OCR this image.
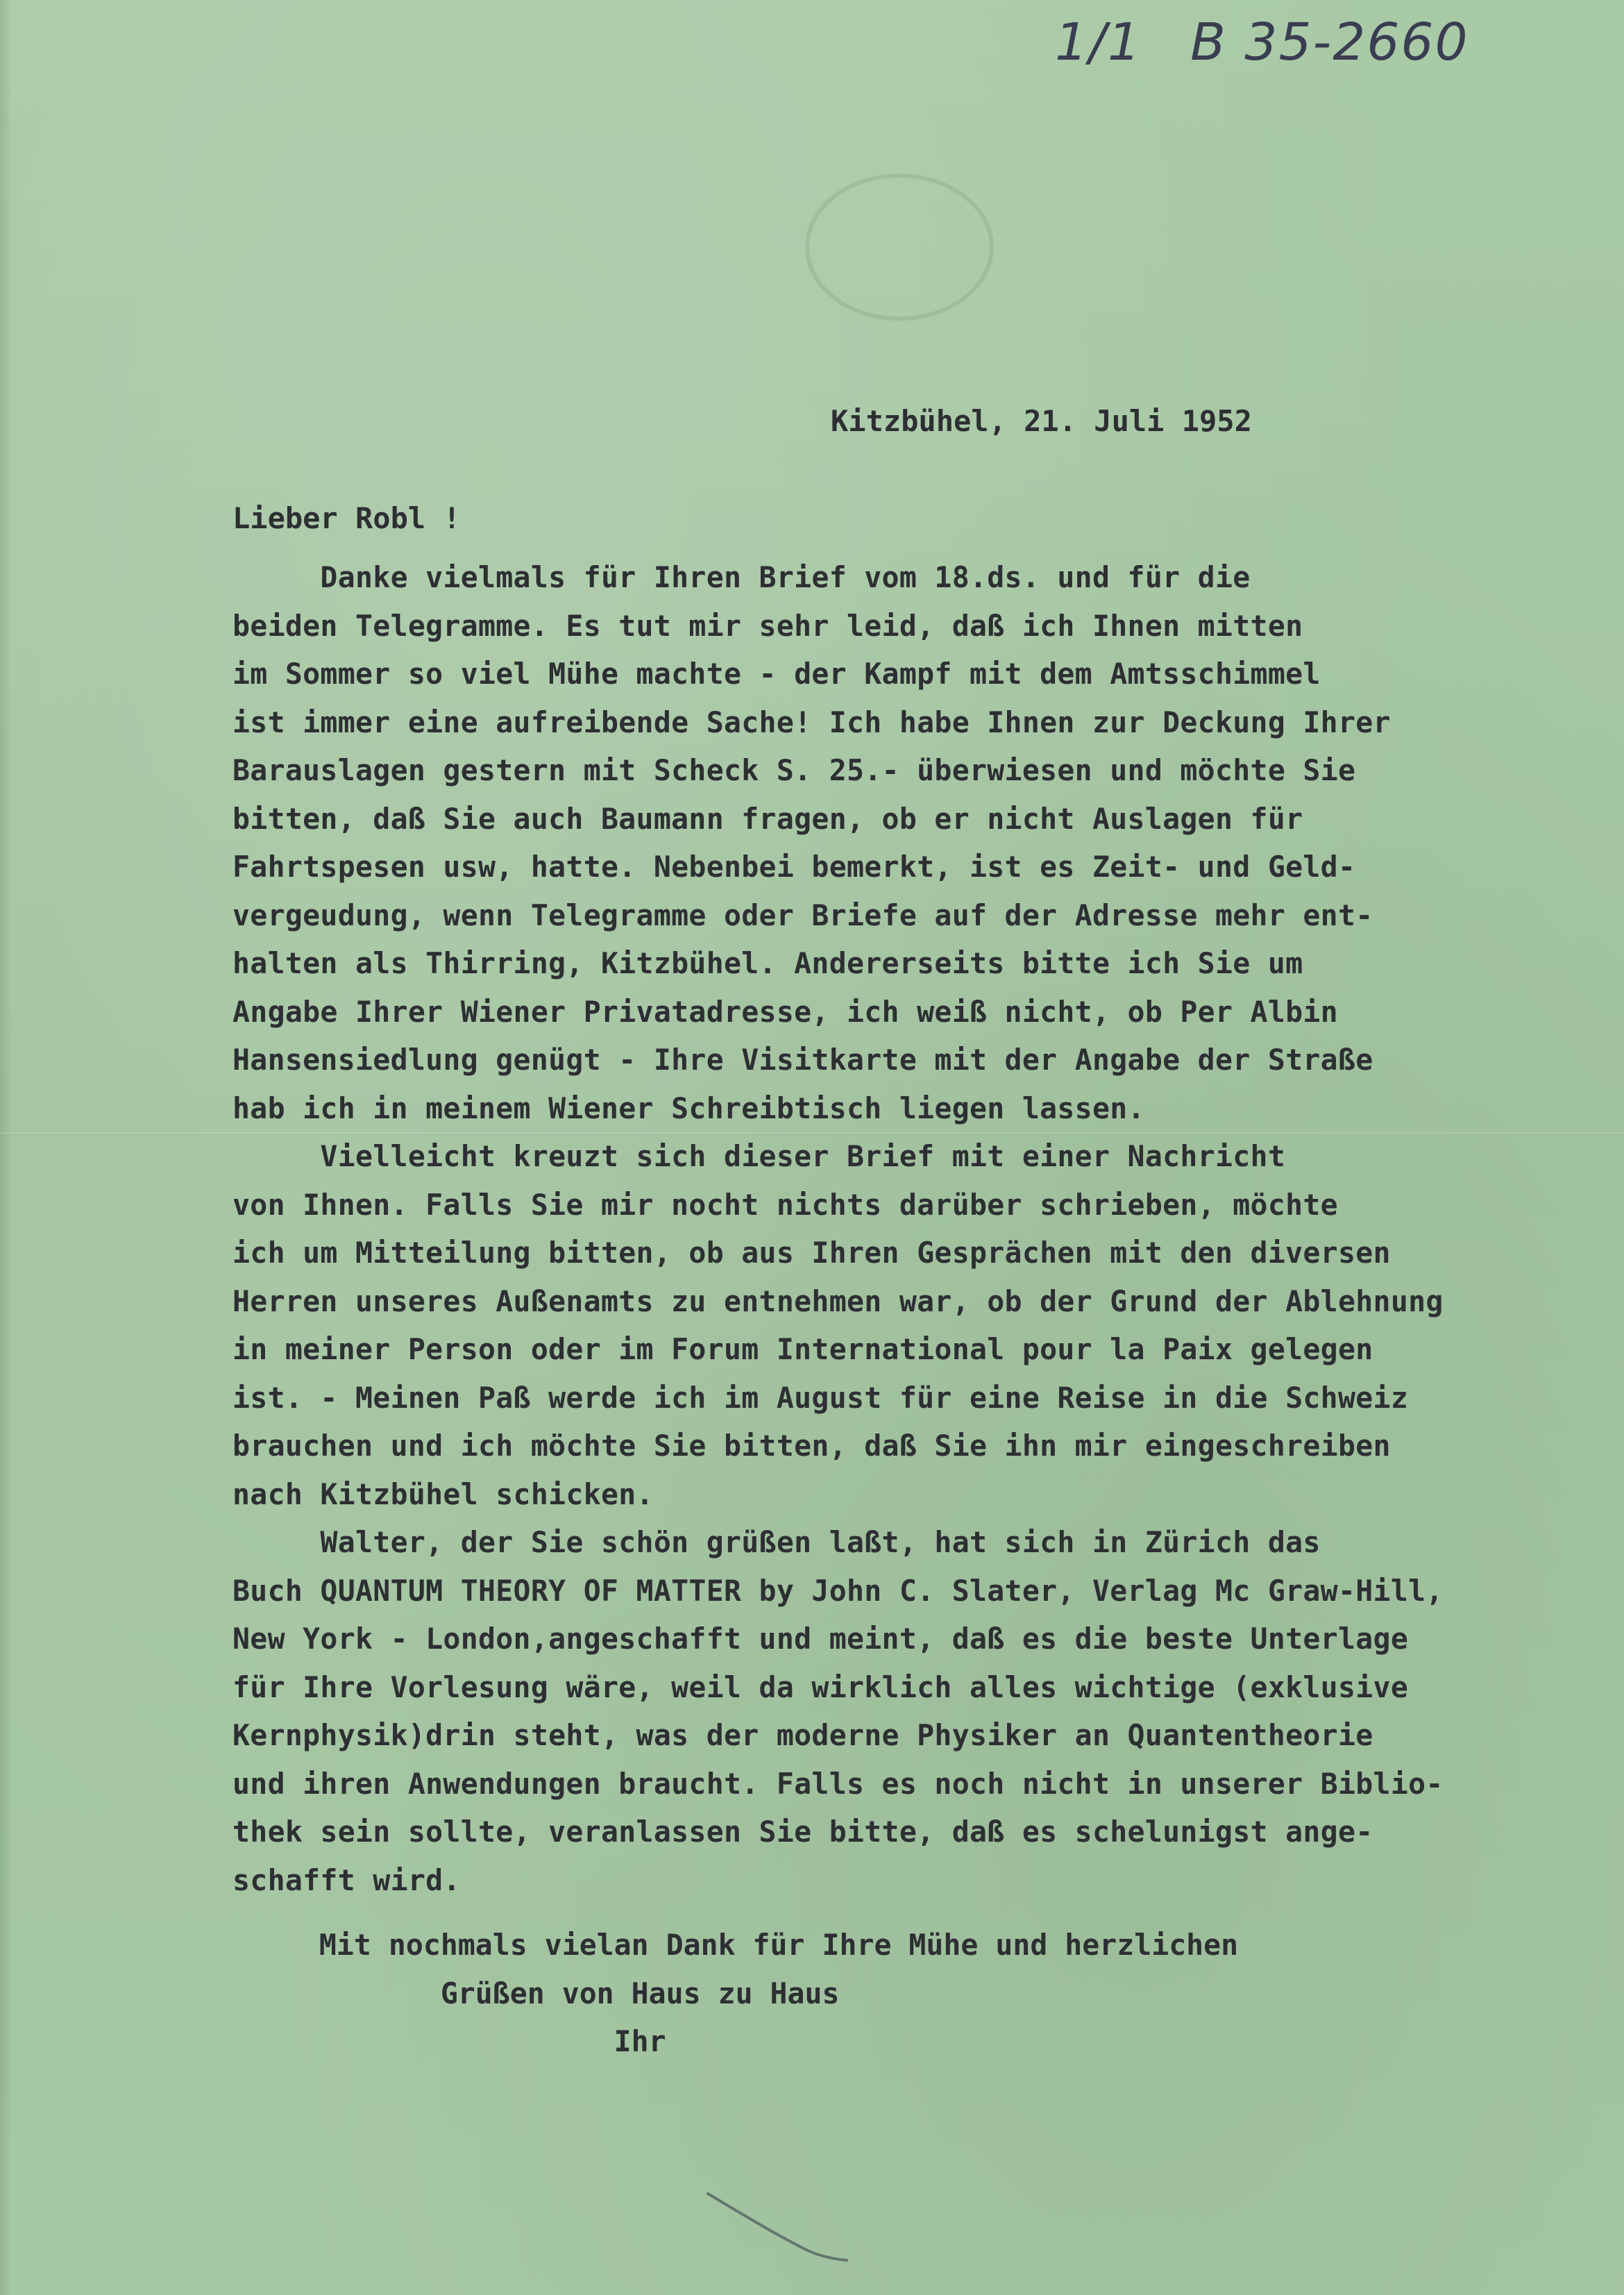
1/1 B 35-2660
Kitzbühel, 21. Juli 1952
Lieber Robl !
Danke vielmals für Ihren Brief vom 18.ds. und für die
beiden Telegramme. Es tut mir sehr leid, daß ich Ihnen mitten
im Sommer so viel Mühe machte - der Kampf mit dem Amtsschimmel
ist immer eine aufreibende Sache! Ich habe Ihnen zur Deckung Ihrer
Barauslagen gestern mit Scheck S. 25.- überwiesen und möchte Sie
bitten, daß Sie auch Baumann fragen, ob er nicht Auslagen für
Fahrtspesen usw, hatte. Nebenbei bemerkt, ist es Zeit- und Geld-
vergeudung, wenn Telegramme oder Briefe auf der Adresse mehr ent-
halten als Thirring, Kitzbühel. Andererseits bitte ich Sie um
Angabe Ihrer Wiener Privatadresse, ich weiß nicht, ob Per Albin
Hansensiedlung genügt - Ihre Visitkarte mit der Angabe der Straße
hab ich in meinem Wiener Schreibtisch liegen lassen.
Vielleicht kreuzt sich dieser Brief mit einer Nachricht
von Ihnen. Falls Sie mir nocht nichts darüber schrieben, möchte
ich um Mitteilung bitten, ob aus Ihren Gesprächen mit den diversen
Herren unseres Außenamts zu entnehmen war, ob der Grund der Ablehnung
in meiner Person oder im Forum International pour la Paix gelegen
ist. - Meinen Paß werde ich im August für eine Reise in die Schweiz
brauchen und ich möchte Sie bitten, daß Sie ihn mir eingeschreiben
nach Kitzbühel schicken.
Walter, der Sie schön grüßen laßt, hat sich in Zürich das
Buch QUANTUM THEORY OF MATTER by John C. Slater, Verlag Mc Graw-Hill,
New York - London,angeschafft und meint, daß es die beste Unterlage
für Ihre Vorlesung wäre, weil da wirklich alles wichtige (exklusive
Kernphysik)drin steht, was der moderne Physiker an Quantentheorie
und ihren Anwendungen braucht. Falls es noch nicht in unserer Biblio-
thek sein sollte, veranlassen Sie bitte, daß es schelunigst ange-
schafft wird.
Mit nochmals vielan Dank für Ihre Mühe und herzlichen
Grüßen von Haus zu Haus
Ihr
